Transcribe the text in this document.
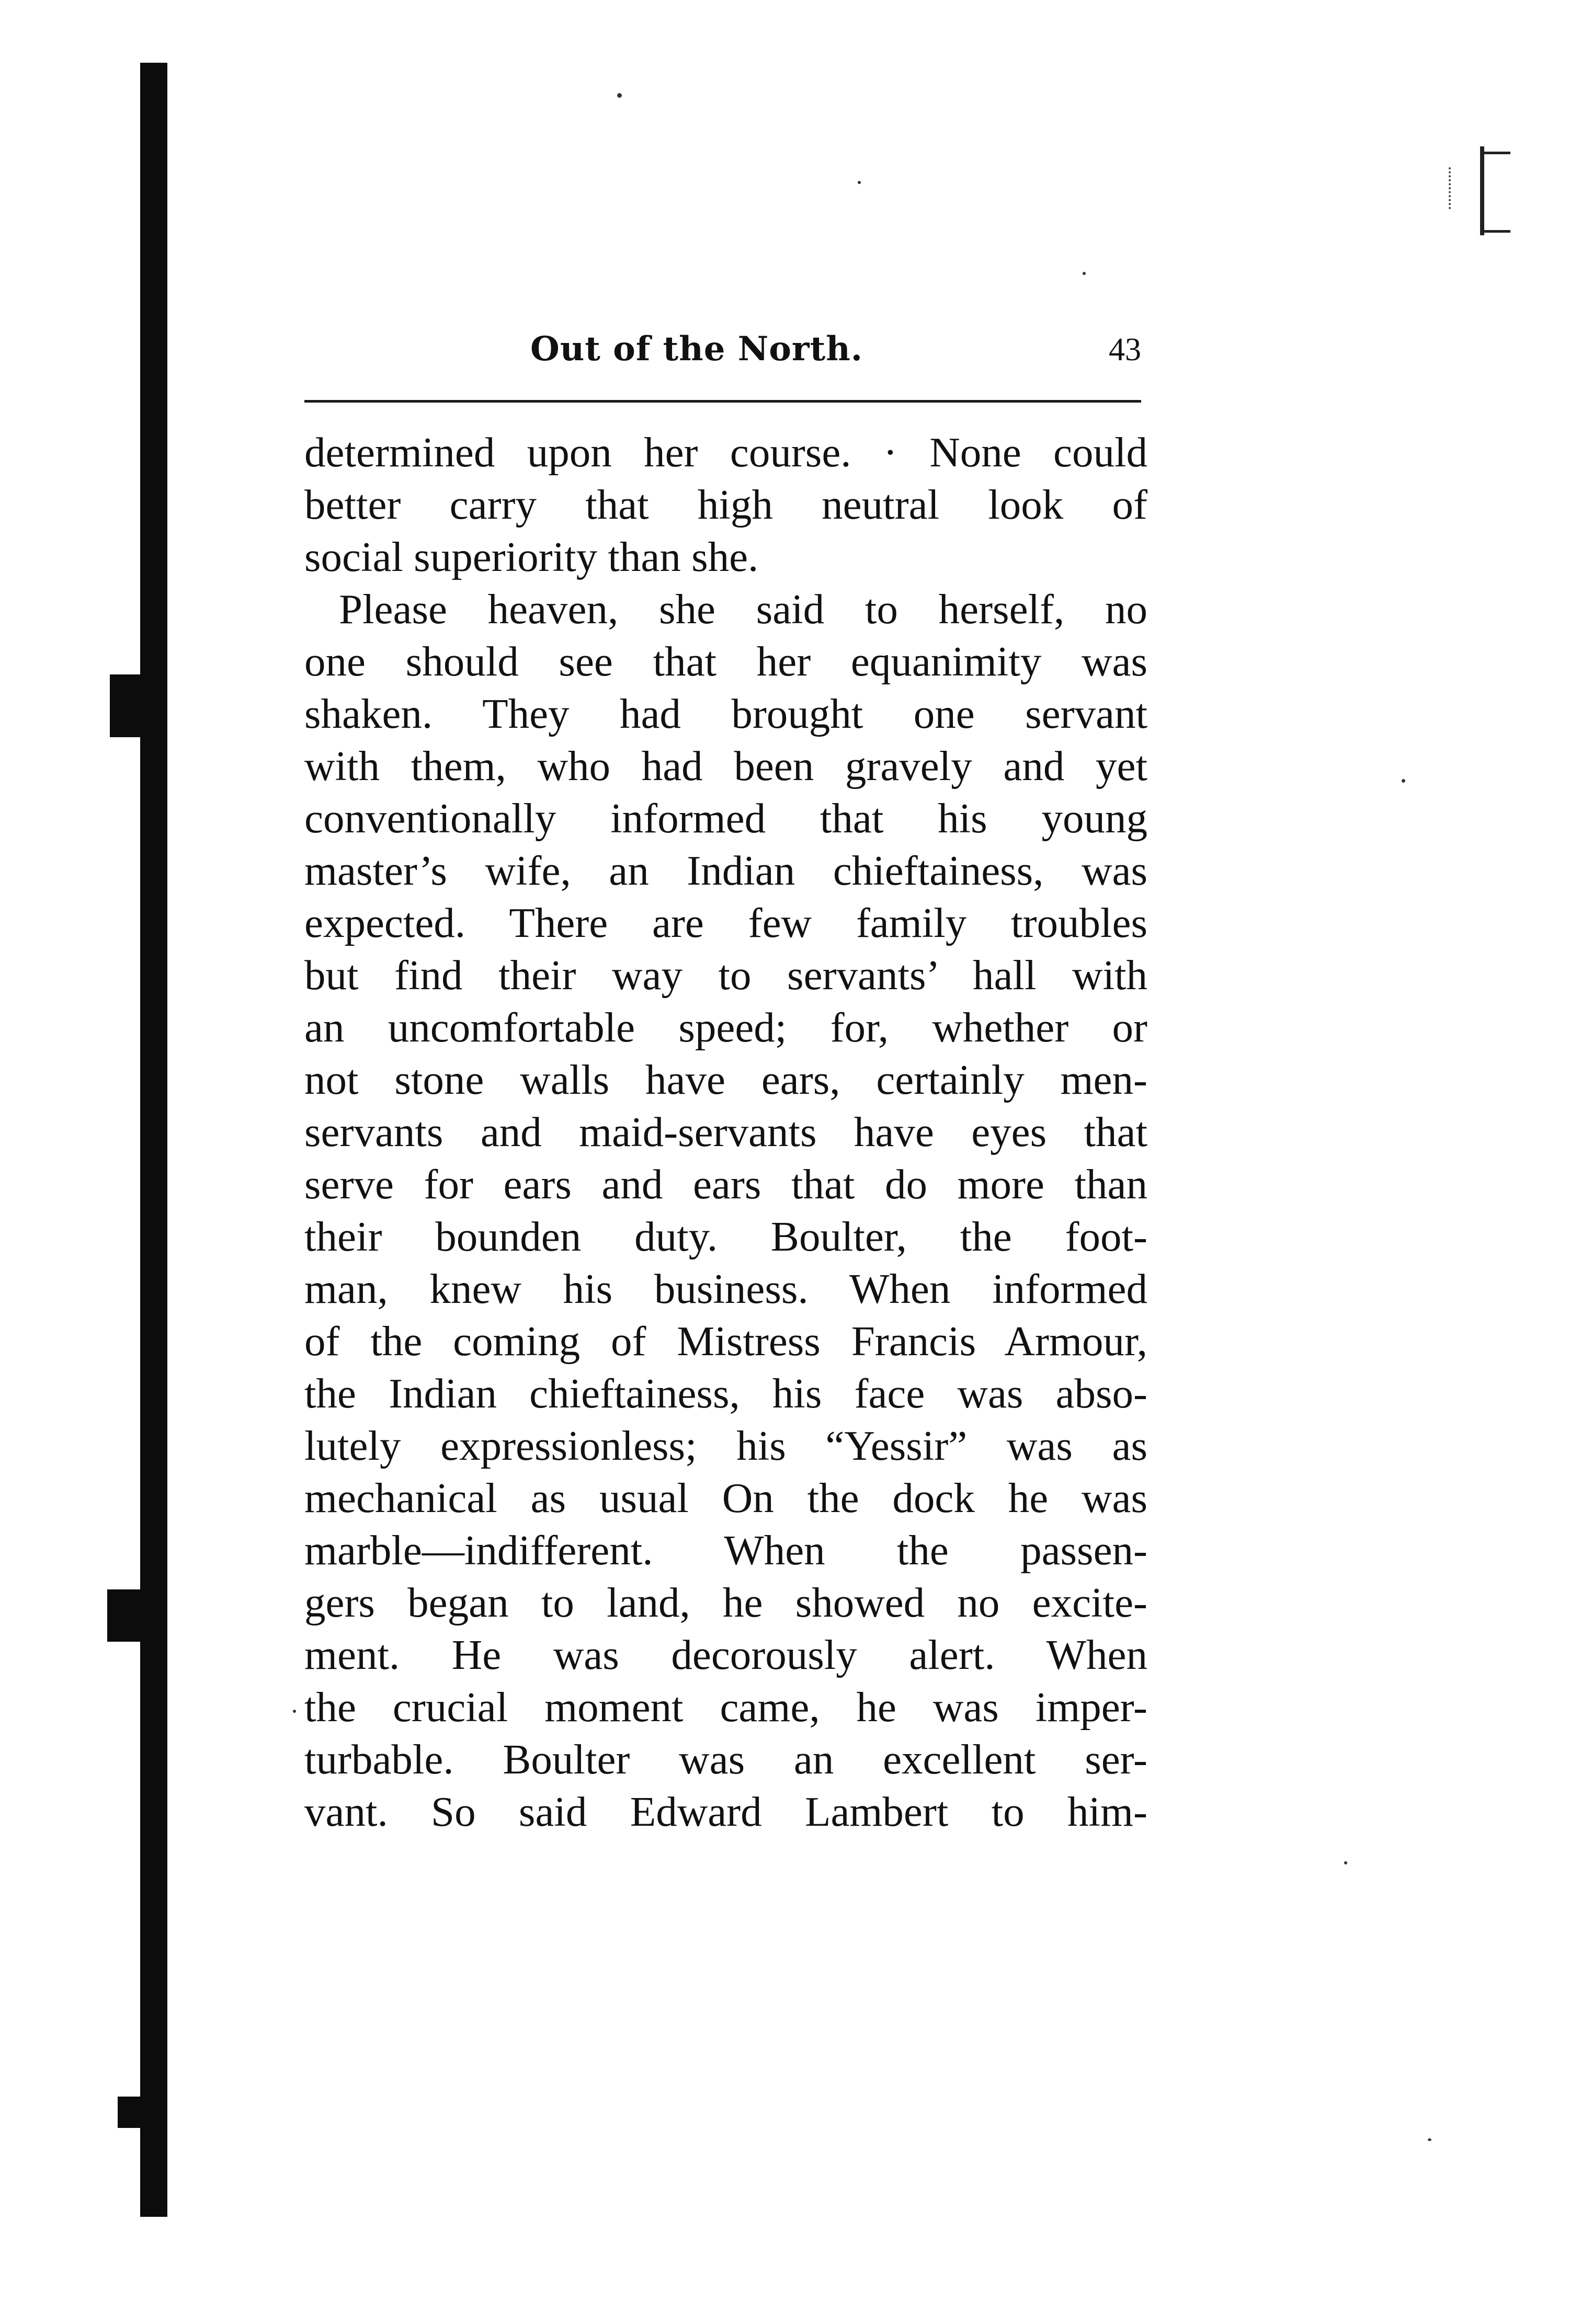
Out of the North.	43
determined upon her course. · None could
better carry that high neutral look of
social superiority than she.
Please heaven, she said to herself, no
one should see that her equanimity was
shaken. They had brought one servant
with them, who had been gravely and yet
conventionally informed that his young
master’s wife, an Indian chieftainess, was
expected. There are few family troubles
but find their way to servants’ hall with
an uncomfortable speed; for, whether or
not stone walls have ears, certainly men-
servants and maid-servants have eyes that
serve for ears and ears that do more than
their bounden duty. Boulter, the foot-
man, knew his business. When informed
of the coming of Mistress Francis Armour,
the Indian chieftainess, his face was abso-
lutely expressionless; his “Yessir” was as
mechanical as usual On the dock he was
marble—indifferent. When the passen-
gers began to land, he showed no excite-
ment. He was decorously alert. When
the crucial moment came, he was imper-
turbable. Boulter was an excellent ser-
vant. So said Edward Lambert to him-
